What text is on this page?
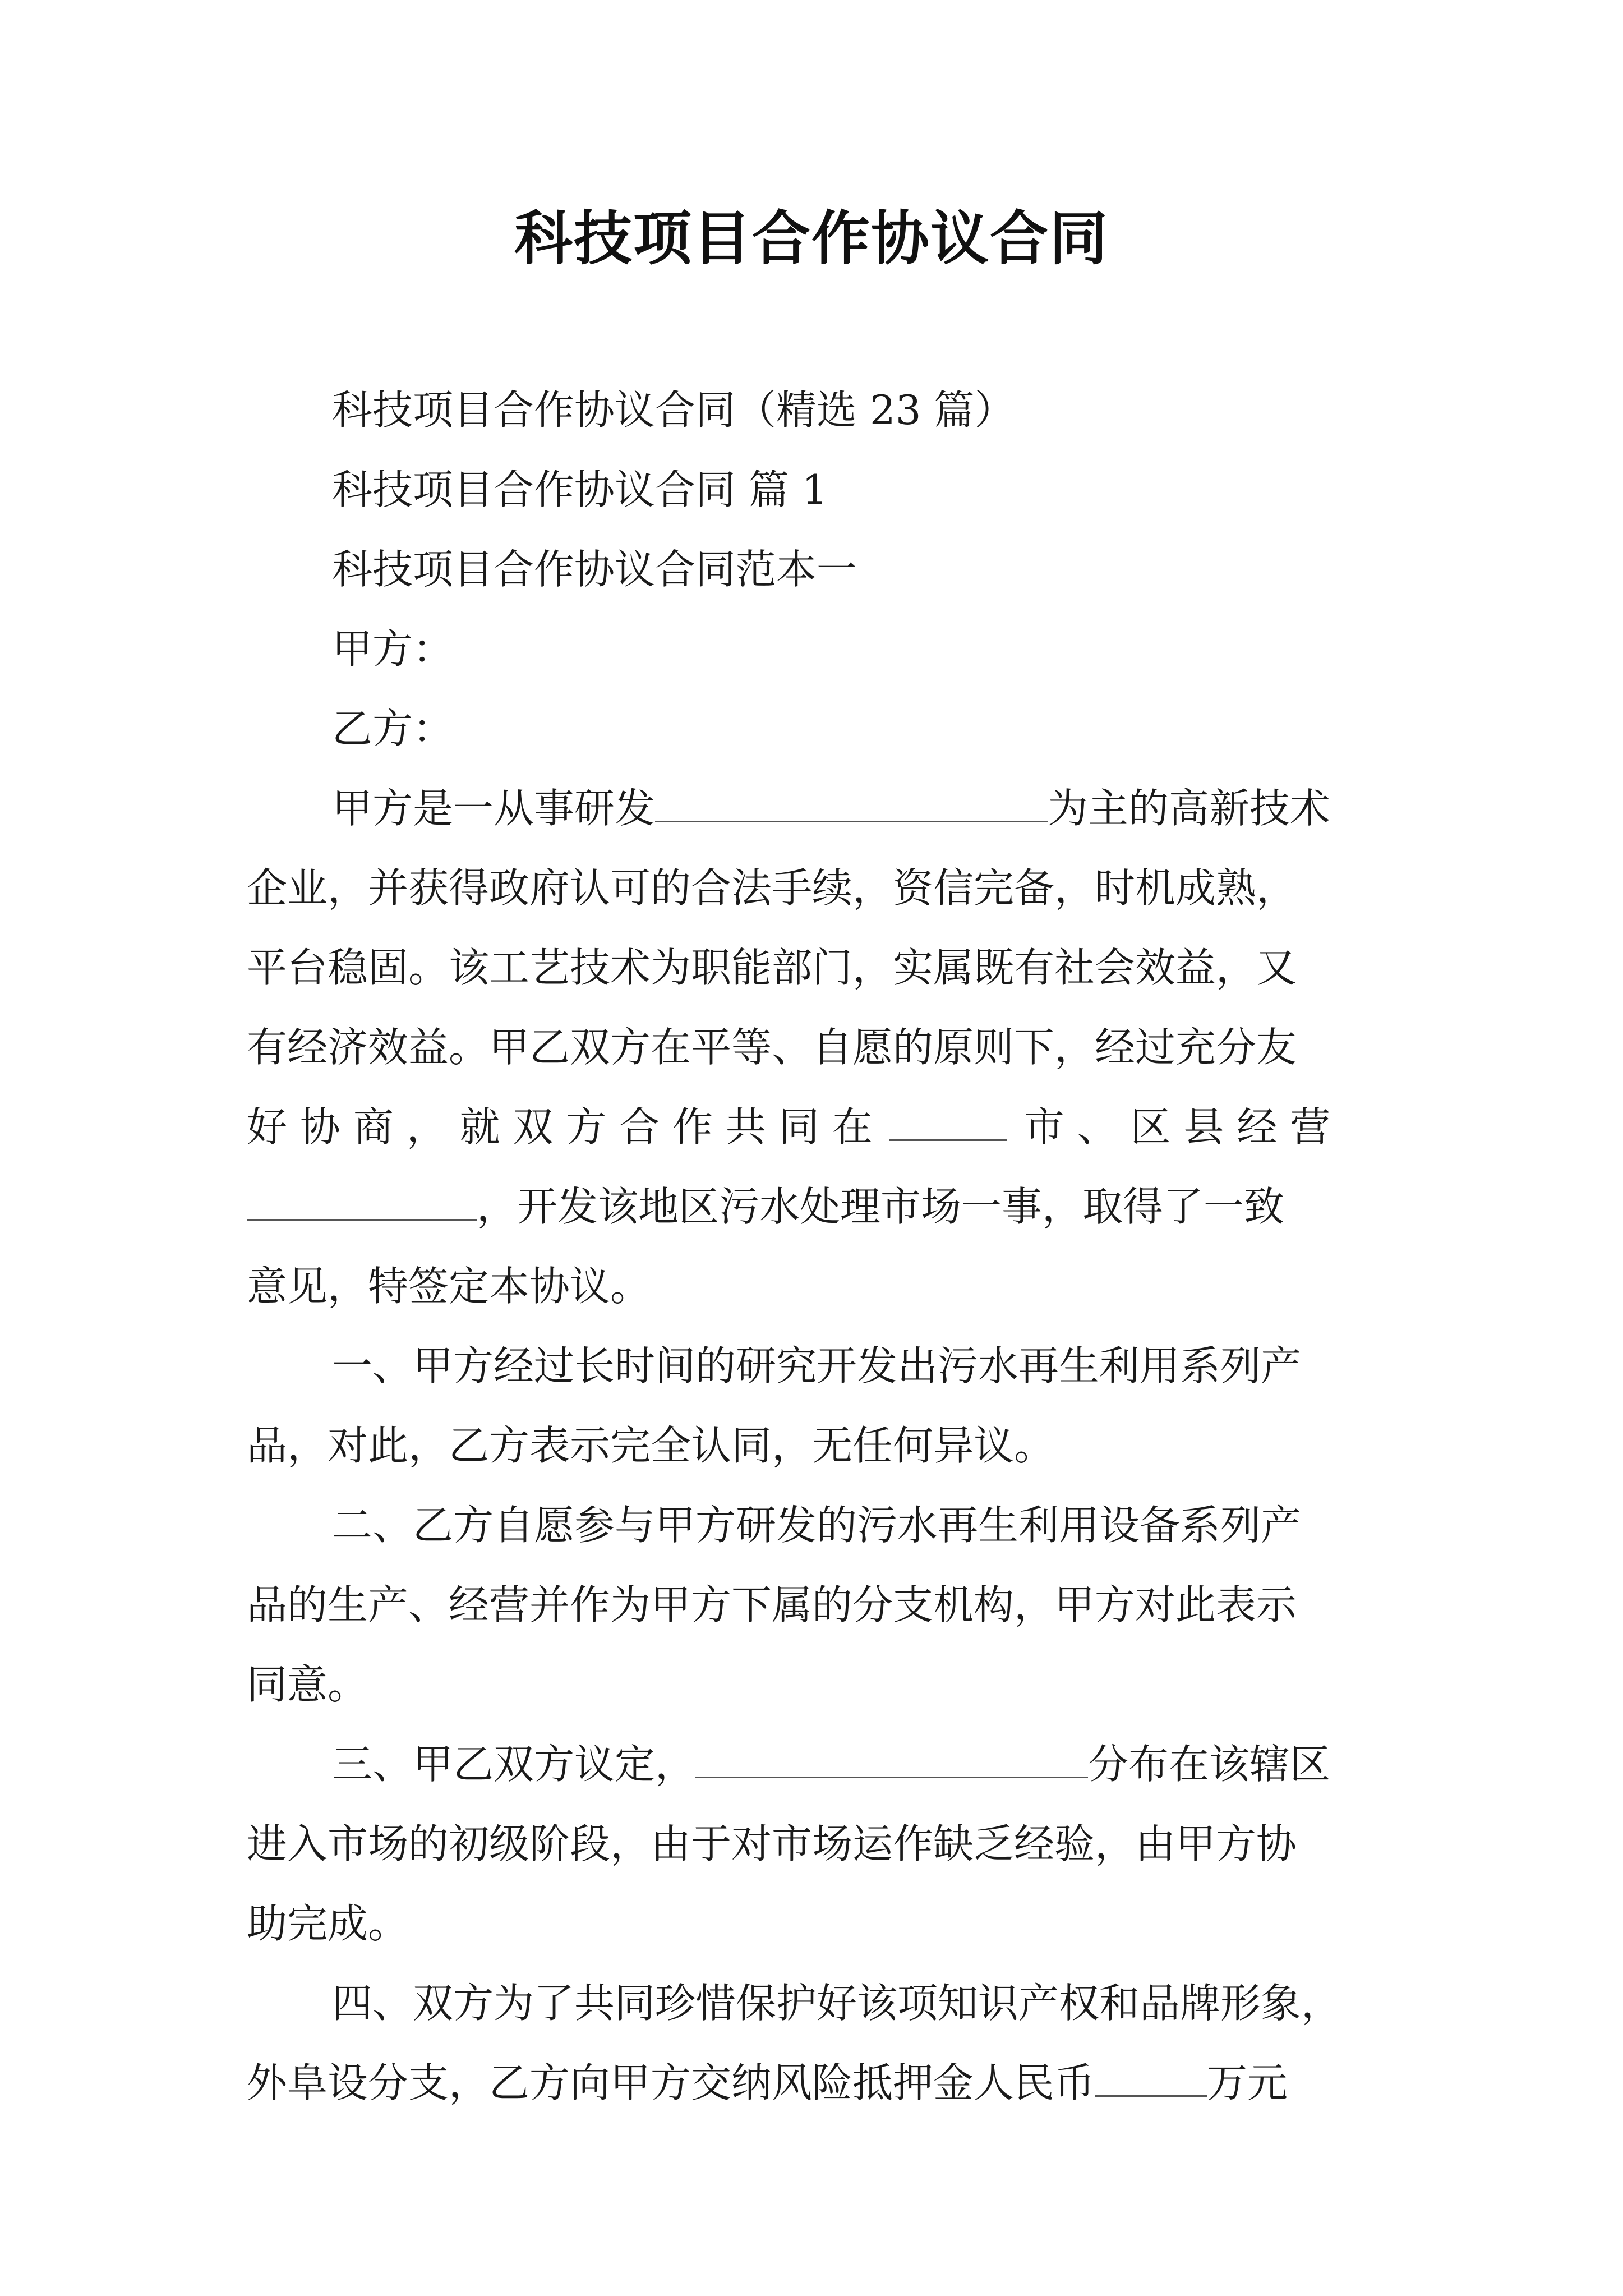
科技项目合作协议合同
科技项目合作协议合同（精选 23 篇）
科技项目合作协议合同 篇 1
科技项目合作协议合同范本一
甲方：
乙方：
甲方是一从事研发	为主的高新技术
企业，并获得政府认可的合法手续，资信完备，时机成熟，
平台稳固。该工艺技术为职能部门，实属既有社会效益，又
有经济效益。甲乙双方在平等、自愿的原则下，经过充分友
好 协 商 ， 就 双 方 合 作 共 同 在	市 、 区 县 经 营
，开发该地区污水处理市场一事，取得了一致
意见，特签定本协议。
一、甲方经过长时间的研究开发出污水再生利用系列产
品，对此，乙方表示完全认同，无任何异议。
二、乙方自愿参与甲方研发的污水再生利用设备系列产
品的生产、经营并作为甲方下属的分支机构，甲方对此表示
同意。
三、甲乙双方议定，	分布在该辖区
进入市场的初级阶段，由于对市场运作缺乏经验，由甲方协
助完成。
四、双方为了共同珍惜保护好该项知识产权和品牌形象，
外阜设分支，乙方向甲方交纳风险抵押金人民币	万元
